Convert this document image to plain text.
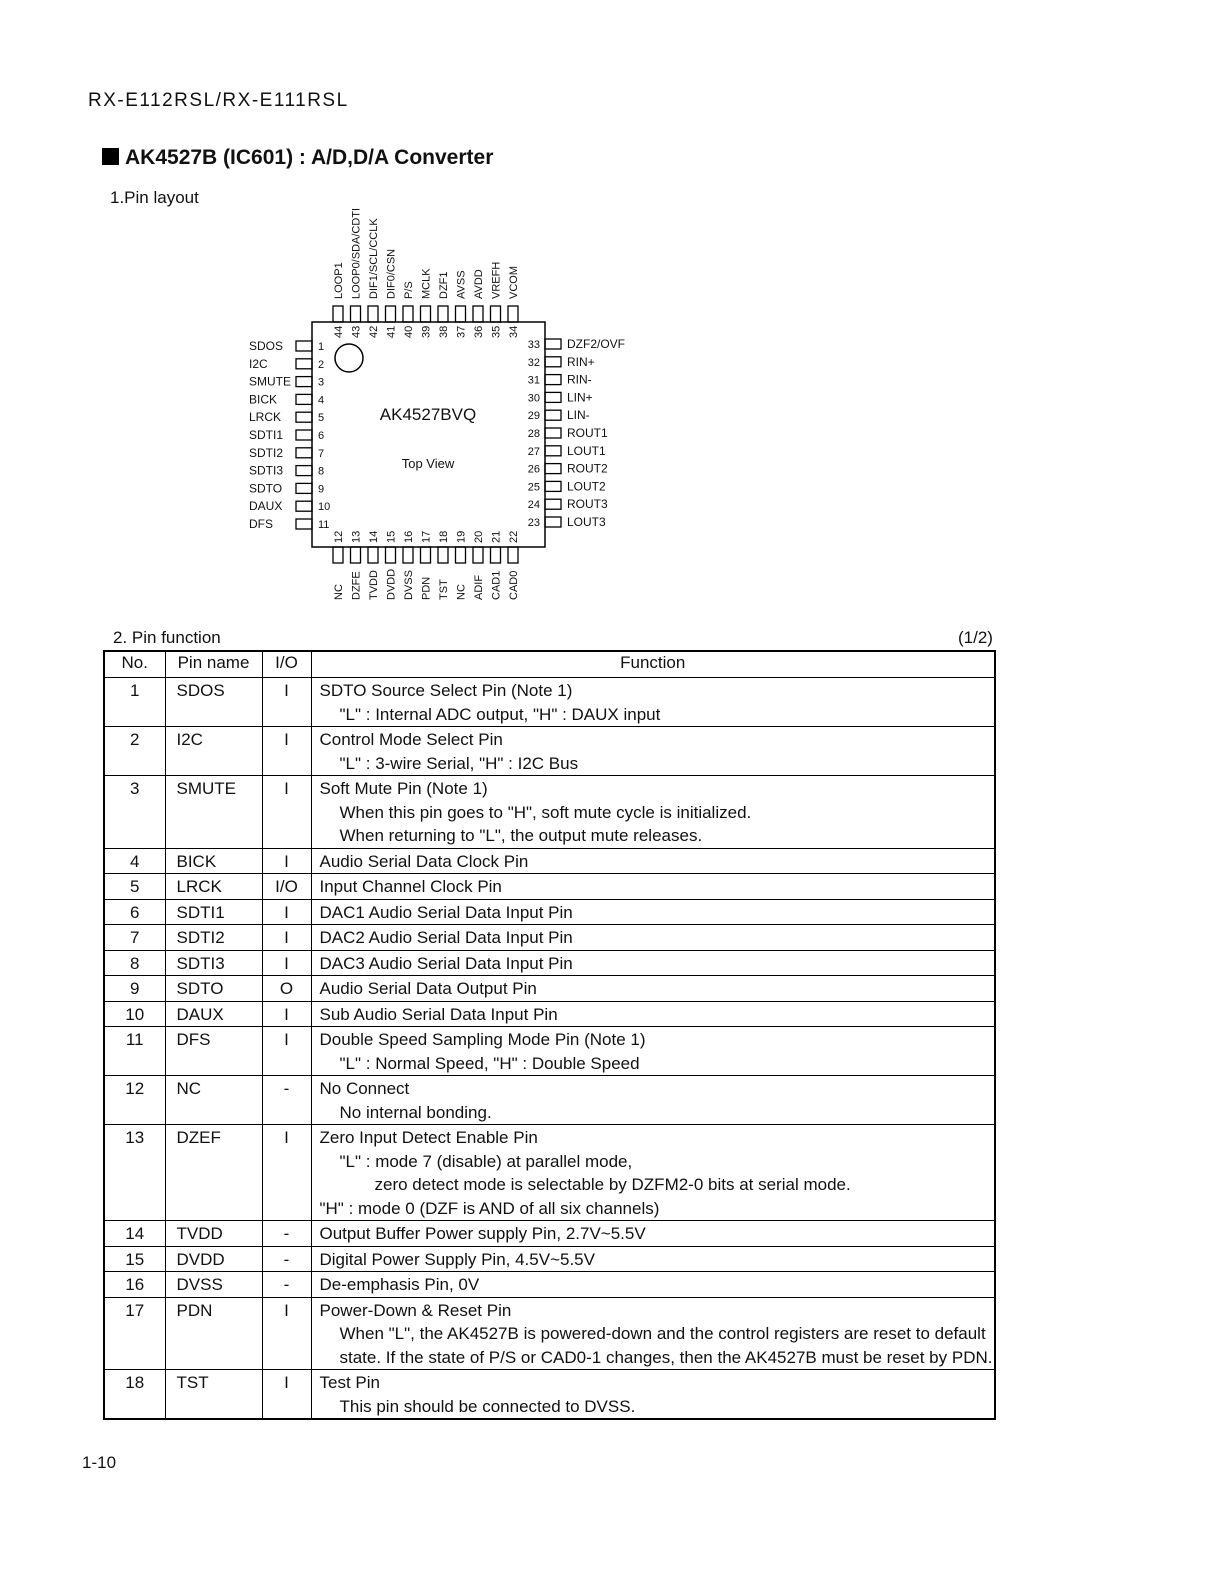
RX-E112RSL/RX-E111RSL
AK4527B (IC601) : A/D,D/A Converter
1.Pin layout
AK4527BVQ
Top View
44
LOOP1
43
LOOP0/SDA/CDTI
42
DIF1/SCL/CCLK
41
DIF0/CSN
40
P/S
39
MCLK
38
DZF1
37
AVSS
36
AVDD
35
VREFH
34
VCOM
SDOS	1
I2C	2
SMUTE 3
BICK	4
LRCK	5
SDTI1	6
SDTI2	7
SDTI3	8
SDTO	9
DAUX	10
DFS	11
DZF2/OVF
33
RIN+
32
RIN-
31
LIN+
30
LIN-
29
ROUT1
28
LOUT1
27
ROUT2
26
LOUT2
25
ROUT3
24
LOUT3
23
12
NC
13
DZFE
14
TVDD
15
DVDD
16
DVSS
17
PDN
18
TST
19
NC
20
ADIF
21
CAD1
22
CAD0
2. Pin function	(1/2)
No.	Pin name	I/O	Function
1	SDOS	I	SDTO Source Select Pin (Note 1)
"L" : Internal ADC output, "H" : DAUX input

2	I2C	I	Control Mode Select Pin
"L" : 3-wire Serial, "H" : I2C Bus

3	SMUTE	I	Soft Mute Pin (Note 1)
When this pin goes to "H", soft mute cycle is initialized.
When returning to "L", the output mute releases.

4	BICK	I	Audio Serial Data Clock Pin

5	LRCK	I/O	Input Channel Clock Pin

6	SDTI1	I	DAC1 Audio Serial Data Input Pin

7	SDTI2	I	DAC2 Audio Serial Data Input Pin

8	SDTI3	I	DAC3 Audio Serial Data Input Pin

9	SDTO	O	Audio Serial Data Output Pin

10	DAUX	I	Sub Audio Serial Data Input Pin

11	DFS	I	Double Speed Sampling Mode Pin (Note 1)
"L" : Normal Speed, "H" : Double Speed

12	NC	-	No Connect
No internal bonding.

13	DZEF	I	Zero Input Detect Enable Pin
"L" : mode 7 (disable) at parallel mode,
zero detect mode is selectable by DZFM2-0 bits at serial mode.
"H" : mode 0 (DZF is AND of all six channels)

14	TVDD	-	Output Buffer Power supply Pin, 2.7V~5.5V

15	DVDD	-	Digital Power Supply Pin, 4.5V~5.5V

16	DVSS	-	De-emphasis Pin, 0V

17	PDN	I	Power-Down & Reset Pin
When "L", the AK4527B is powered-down and the control registers are reset to default
state. If the state of P/S or CAD0-1 changes, then the AK4527B must be reset by PDN.

18	TST	I	Test Pin
This pin should be connected to DVSS.
1-10
